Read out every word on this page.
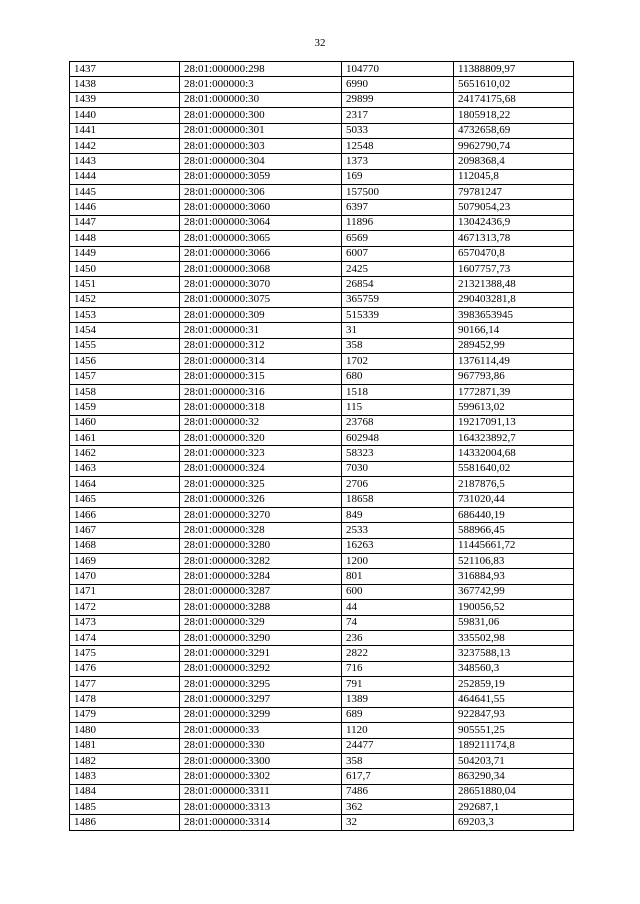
32
1437	28:01:000000:298	104770	11388809,97
1438	28:01:000000:3	6990	5651610,02
1439	28:01:000000:30	29899	24174175,68
1440	28:01:000000:300	2317	1805918,22
1441	28:01:000000:301	5033	4732658,69
1442	28:01:000000:303	12548	9962790,74
1443	28:01:000000:304	1373	2098368,4
1444	28:01:000000:3059	169	112045,8
1445	28:01:000000:306	157500	79781247
1446	28:01:000000:3060	6397	5079054,23
1447	28:01:000000:3064	11896	13042436,9
1448	28:01:000000:3065	6569	4671313,78
1449	28:01:000000:3066	6007	6570470,8
1450	28:01:000000:3068	2425	1607757,73
1451	28:01:000000:3070	26854	21321388,48
1452	28:01:000000:3075	365759	290403281,8
1453	28:01:000000:309	515339	3983653945
1454	28:01:000000:31	31	90166,14
1455	28:01:000000:312	358	289452,99
1456	28:01:000000:314	1702	1376114,49
1457	28:01:000000:315	680	967793,86
1458	28:01:000000:316	1518	1772871,39
1459	28:01:000000:318	115	599613,02
1460	28:01:000000:32	23768	19217091,13
1461	28:01:000000:320	602948	164323892,7
1462	28:01:000000:323	58323	14332004,68
1463	28:01:000000:324	7030	5581640,02
1464	28:01:000000:325	2706	2187876,5
1465	28:01:000000:326	18658	731020,44
1466	28:01:000000:3270	849	686440,19
1467	28:01:000000:328	2533	588966,45
1468	28:01:000000:3280	16263	11445661,72
1469	28:01:000000:3282	1200	521106,83
1470	28:01:000000:3284	801	316884,93
1471	28:01:000000:3287	600	367742,99
1472	28:01:000000:3288	44	190056,52
1473	28:01:000000:329	74	59831,06
1474	28:01:000000:3290	236	335502,98
1475	28:01:000000:3291	2822	3237588,13
1476	28:01:000000:3292	716	348560,3
1477	28:01:000000:3295	791	252859,19
1478	28:01:000000:3297	1389	464641,55
1479	28:01:000000:3299	689	922847,93
1480	28:01:000000:33	1120	905551,25
1481	28:01:000000:330	24477	189211174,8
1482	28:01:000000:3300	358	504203,71
1483	28:01:000000:3302	617,7	863290,34
1484	28:01:000000:3311	7486	28651880,04
1485	28:01:000000:3313	362	292687,1
1486	28:01:000000:3314	32	69203,3
